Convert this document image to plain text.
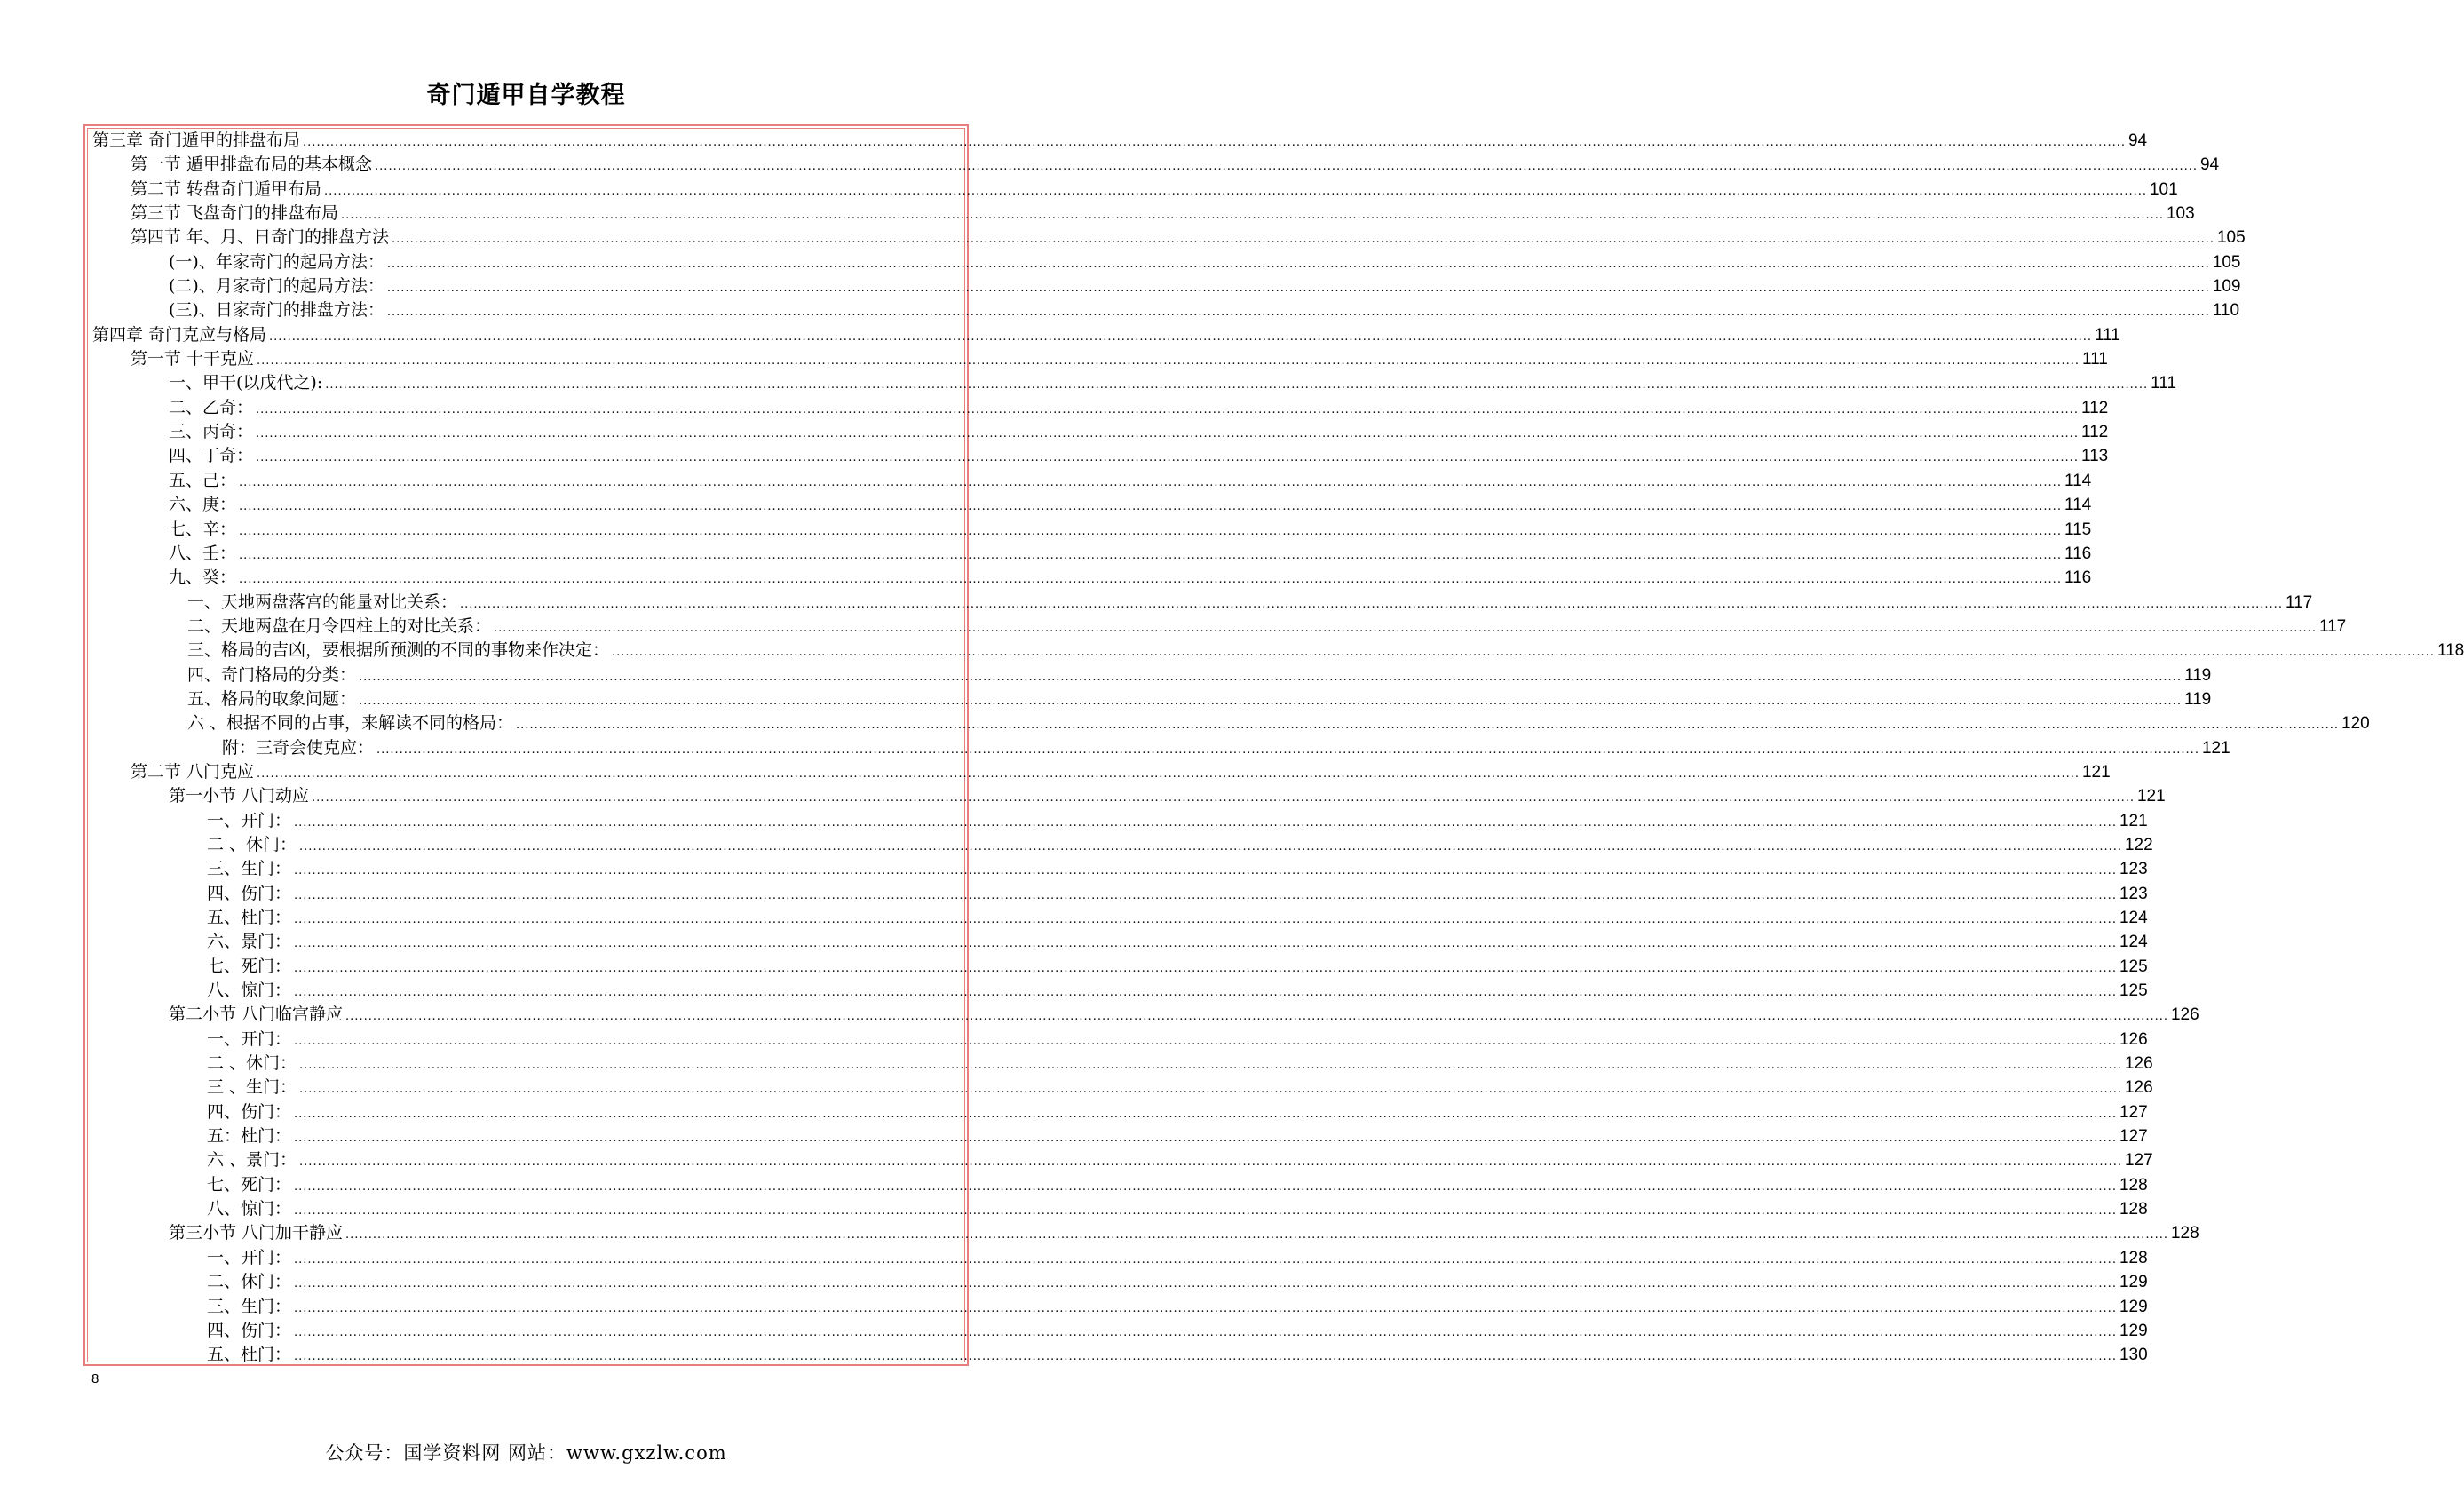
奇门遁甲自学教程
第三章 奇门遁甲的排盘布局 ................................................................................................................................................................................................................................................................................................................................................................................................................ 94
第一节 遁甲排盘布局的基本概念 ................................................................................................................................................................................................................................................................................................................................................................................................................ 94
第二节 转盘奇门遁甲布局 ................................................................................................................................................................................................................................................................................................................................................................................................................ 101
第三节 飞盘奇门的排盘布局 ................................................................................................................................................................................................................................................................................................................................................................................................................ 103
第四节 年、月、日奇门的排盘方法 ................................................................................................................................................................................................................................................................................................................................................................................................................ 105
(一)、年家奇门的起局方法： ................................................................................................................................................................................................................................................................................................................................................................................................................ 105
(二)、月家奇门的起局方法： ................................................................................................................................................................................................................................................................................................................................................................................................................ 109
(三)、日家奇门的排盘方法： ................................................................................................................................................................................................................................................................................................................................................................................................................ 110
第四章 奇门克应与格局 ................................................................................................................................................................................................................................................................................................................................................................................................................ 111
第一节 十干克应 ................................................................................................................................................................................................................................................................................................................................................................................................................ 111
一、甲干(以戊代之): ................................................................................................................................................................................................................................................................................................................................................................................................................ 111
二、乙奇： ................................................................................................................................................................................................................................................................................................................................................................................................................ 112
三、丙奇： ................................................................................................................................................................................................................................................................................................................................................................................................................ 112
四、丁奇： ................................................................................................................................................................................................................................................................................................................................................................................................................ 113
五、己： ................................................................................................................................................................................................................................................................................................................................................................................................................ 114
六、庚： ................................................................................................................................................................................................................................................................................................................................................................................................................ 114
七、辛： ................................................................................................................................................................................................................................................................................................................................................................................................................ 115
八、壬： ................................................................................................................................................................................................................................................................................................................................................................................................................ 116
九、癸： ................................................................................................................................................................................................................................................................................................................................................................................................................ 116
一、天地两盘落宫的能量对比关系： ................................................................................................................................................................................................................................................................................................................................................................................................................ 117
二、天地两盘在月令四柱上的对比关系： ................................................................................................................................................................................................................................................................................................................................................................................................................ 117
三、格局的吉凶，要根据所预测的不同的事物来作决定： ................................................................................................................................................................................................................................................................................................................................................................................................................ 118
四、奇门格局的分类： ................................................................................................................................................................................................................................................................................................................................................................................................................ 119
五、格局的取象问题： ................................................................................................................................................................................................................................................................................................................................................................................................................ 119
六 、根据不同的占事，来解读不同的格局： ................................................................................................................................................................................................................................................................................................................................................................................................................ 120
附：三奇会使克应： ................................................................................................................................................................................................................................................................................................................................................................................................................ 121
第二节 八门克应 ................................................................................................................................................................................................................................................................................................................................................................................................................ 121
第一小节 八门动应 ................................................................................................................................................................................................................................................................................................................................................................................................................ 121
一、开门： ................................................................................................................................................................................................................................................................................................................................................................................................................ 121
二 、休门： ................................................................................................................................................................................................................................................................................................................................................................................................................ 122
三、生门： ................................................................................................................................................................................................................................................................................................................................................................................................................ 123
四、伤门： ................................................................................................................................................................................................................................................................................................................................................................................................................ 123
五、杜门： ................................................................................................................................................................................................................................................................................................................................................................................................................ 124
六、景门： ................................................................................................................................................................................................................................................................................................................................................................................................................ 124
七、死门： ................................................................................................................................................................................................................................................................................................................................................................................................................ 125
八、惊门： ................................................................................................................................................................................................................................................................................................................................................................................................................ 125
第二小节 八门临宫静应 ................................................................................................................................................................................................................................................................................................................................................................................................................ 126
一、开门： ................................................................................................................................................................................................................................................................................................................................................................................................................ 126
二 、休门： ................................................................................................................................................................................................................................................................................................................................................................................................................ 126
三 、生门： ................................................................................................................................................................................................................................................................................................................................................................................................................ 126
四、伤门： ................................................................................................................................................................................................................................................................................................................................................................................................................ 127
五：杜门： ................................................................................................................................................................................................................................................................................................................................................................................................................ 127
六 、景门： ................................................................................................................................................................................................................................................................................................................................................................................................................ 127
七、死门： ................................................................................................................................................................................................................................................................................................................................................................................................................ 128
八、惊门： ................................................................................................................................................................................................................................................................................................................................................................................................................ 128
第三小节 八门加干静应 ................................................................................................................................................................................................................................................................................................................................................................................................................ 128
一、开门： ................................................................................................................................................................................................................................................................................................................................................................................................................ 128
二、休门： ................................................................................................................................................................................................................................................................................................................................................................................................................ 129
三、生门： ................................................................................................................................................................................................................................................................................................................................................................................................................ 129
四、伤门： ................................................................................................................................................................................................................................................................................................................................................................................................................ 129
五、杜门： ................................................................................................................................................................................................................................................................................................................................................................................................................ 130
8
公众号：国学资料网 网站：www.gxzlw.com
